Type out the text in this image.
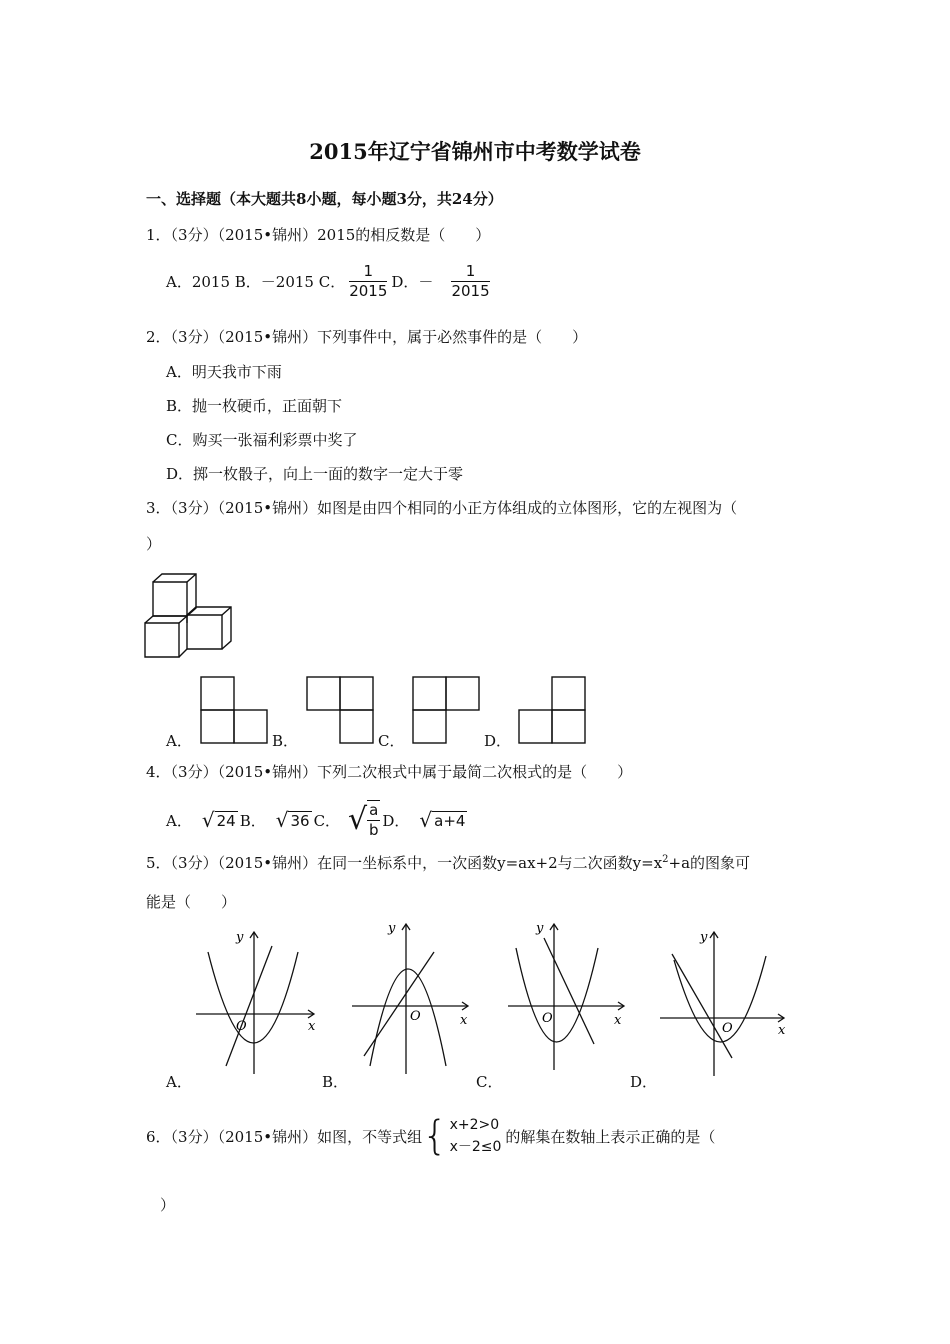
2015年辽宁省锦州市中考数学试卷
一、选择题（本大题共8小题，每小题3分，共24分）
1．（3分）（2015•锦州）2015的相反数是（　　）
A．2015 B．－2015 C． $\frac{1}{2015}$ D．－ $\frac{1}{2015}$
2．（3分）（2015•锦州）下列事件中，属于必然事件的是（　　）
A．明天我市下雨
B．抛一枚硬币，正面朝下
C．购买一张福利彩票中奖了
D．掷一枚骰子，向上一面的数字一定大于零
3．（3分）（2015•锦州）如图是由四个相同的小正方体组成的立体图形，它的左视图为（
）
A．	B．	C．	D．
4．（3分）（2015•锦州）下列二次根式中属于最简二次根式的是（　　）
A． √ 24 B． √ 36 C． √ $\frac{a}{b}$ D． √ a+4
5．（3分）（2015•锦州）在同一坐标系中，一次函数y=ax+2与二次函数$y=x^2+a$的图象可
能是（　　）
y
x
O
A．
y
x
O
B．
y
x
O
C．
y
x
O
D．
6．（3分）（2015•锦州）如图，不等式组 { x+2>0
x－2≤0
的解集在数轴上表示正确的是（
）
